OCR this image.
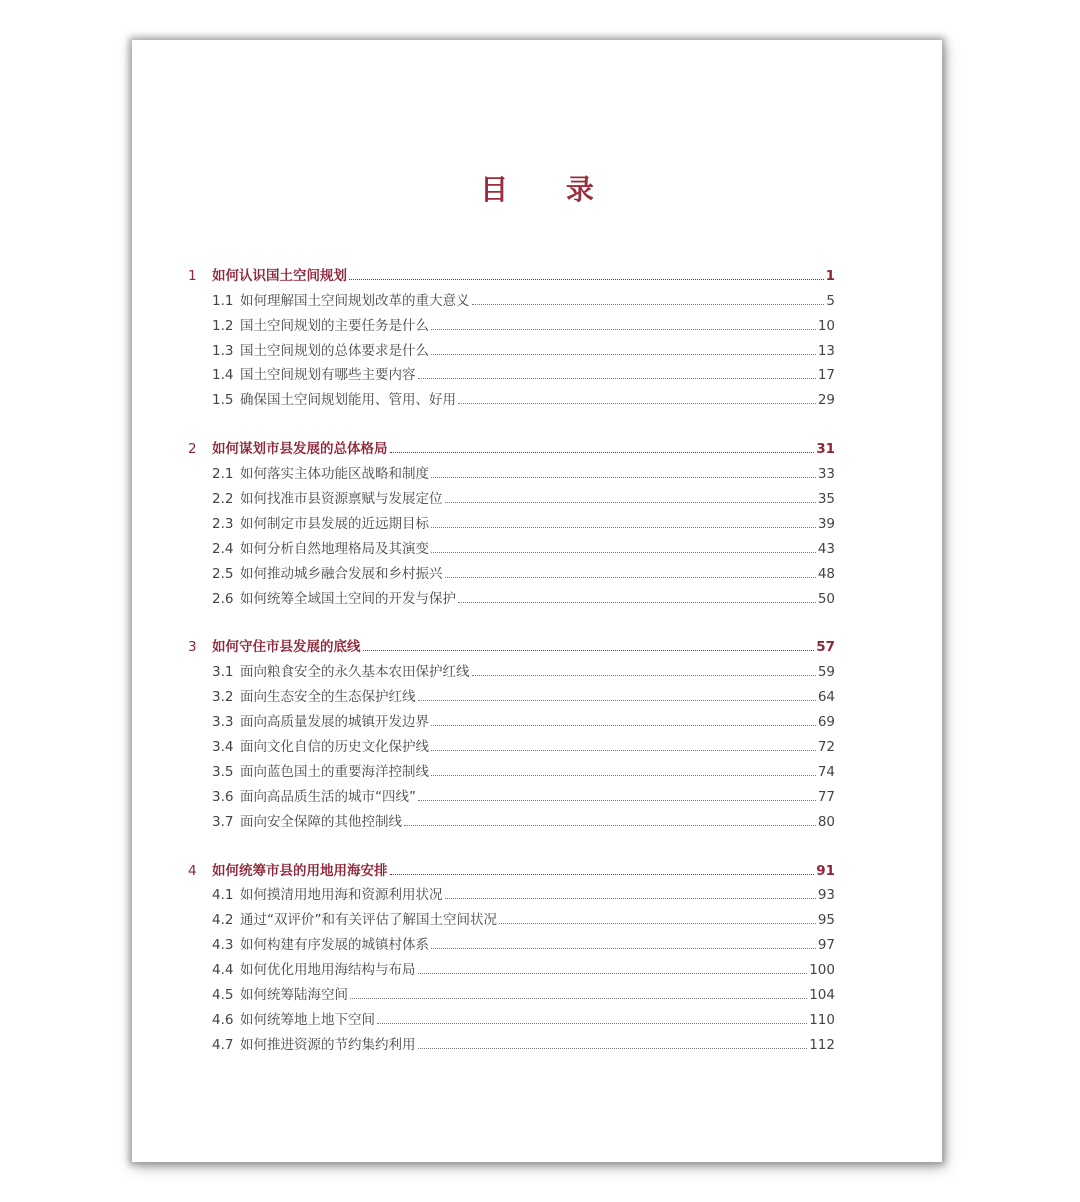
目 录
1	如何认识国土空间规划	1
1.1 如何理解国土空间规划改革的重大意义	5
1.2 国土空间规划的主要任务是什么	10
1.3 国土空间规划的总体要求是什么	13
1.4 国土空间规划有哪些主要内容	17
1.5 确保国土空间规划能用、管用、好用	29
2	如何谋划市县发展的总体格局	31
2.1 如何落实主体功能区战略和制度	33
2.2 如何找准市县资源禀赋与发展定位	35
2.3 如何制定市县发展的近远期目标	39
2.4 如何分析自然地理格局及其演变	43
2.5 如何推动城乡融合发展和乡村振兴	48
2.6 如何统筹全域国土空间的开发与保护	50
3	如何守住市县发展的底线	57
3.1 面向粮食安全的永久基本农田保护红线	59
3.2 面向生态安全的生态保护红线	64
3.3 面向高质量发展的城镇开发边界	69
3.4 面向文化自信的历史文化保护线	72
3.5 面向蓝色国土的重要海洋控制线	74
3.6 面向高品质生活的城市“四线”	77
3.7 面向安全保障的其他控制线	80
4	如何统筹市县的用地用海安排	91
4.1 如何摸清用地用海和资源利用状况	93
4.2 通过“双评价”和有关评估了解国土空间状况	95
4.3 如何构建有序发展的城镇村体系	97
4.4 如何优化用地用海结构与布局	100
4.5 如何统筹陆海空间	104
4.6 如何统筹地上地下空间	110
4.7 如何推进资源的节约集约利用	112
